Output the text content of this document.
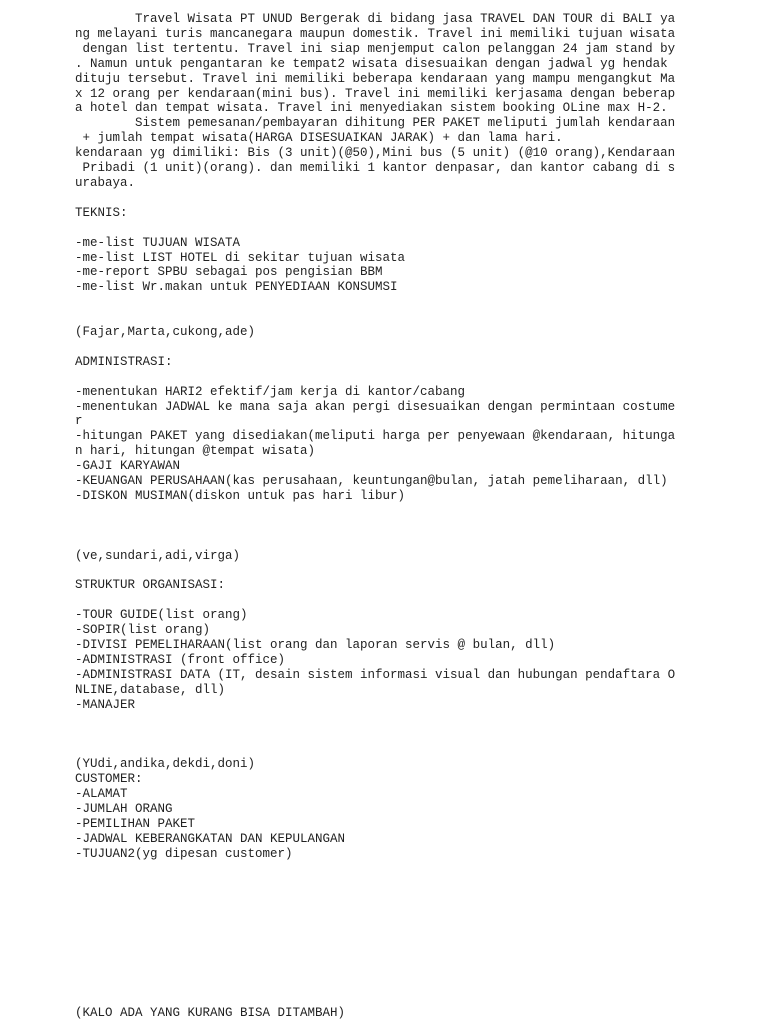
Travel Wisata PT UNUD Bergerak di bidang jasa TRAVEL DAN TOUR di BALI ya
ng melayani turis mancanegara maupun domestik. Travel ini memiliki tujuan wisata
dengan list tertentu. Travel ini siap menjemput calon pelanggan 24 jam stand by
. Namun untuk pengantaran ke tempat2 wisata disesuaikan dengan jadwal yg hendak
dituju tersebut. Travel ini memiliki beberapa kendaraan yang mampu mengangkut Ma
x 12 orang per kendaraan(mini bus). Travel ini memiliki kerjasama dengan beberap
a hotel dan tempat wisata. Travel ini menyediakan sistem booking OLine max H-2.
Sistem pemesanan/pembayaran dihitung PER PAKET meliputi jumlah kendaraan
+ jumlah tempat wisata(HARGA DISESUAIKAN JARAK) + dan lama hari.
kendaraan yg dimiliki: Bis (3 unit)(@50),Mini bus (5 unit) (@10 orang),Kendaraan
Pribadi (1 unit)(orang). dan memiliki 1 kantor denpasar, dan kantor cabang di s
urabaya.

TEKNIS:

-me-list TUJUAN WISATA
-me-list LIST HOTEL di sekitar tujuan wisata
-me-report SPBU sebagai pos pengisian BBM
-me-list Wr.makan untuk PENYEDIAAN KONSUMSI

(Fajar,Marta,cukong,ade)

ADMINISTRASI:

-menentukan HARI2 efektif/jam kerja di kantor/cabang
-menentukan JADWAL ke mana saja akan pergi disesuaikan dengan permintaan costume
r
-hitungan PAKET yang disediakan(meliputi harga per penyewaan @kendaraan, hitunga
n hari, hitungan @tempat wisata)
-GAJI KARYAWAN
-KEUANGAN PERUSAHAAN(kas perusahaan, keuntungan@bulan, jatah pemeliharaan, dll)
-DISKON MUSIMAN(diskon untuk pas hari libur)

(ve,sundari,adi,virga)

STRUKTUR ORGANISASI:

-TOUR GUIDE(list orang)
-SOPIR(list orang)
-DIVISI PEMELIHARAAN(list orang dan laporan servis @ bulan, dll)
-ADMINISTRASI (front office)
-ADMINISTRASI DATA (IT, desain sistem informasi visual dan hubungan pendaftara O
NLINE,database, dll)
-MANAJER

(YUdi,andika,dekdi,doni)
CUSTOMER:
-ALAMAT
-JUMLAH ORANG
-PEMILIHAN PAKET
-JADWAL KEBERANGKATAN DAN KEPULANGAN
-TUJUAN2(yg dipesan customer)
(KALO ADA YANG KURANG BISA DITAMBAH)
